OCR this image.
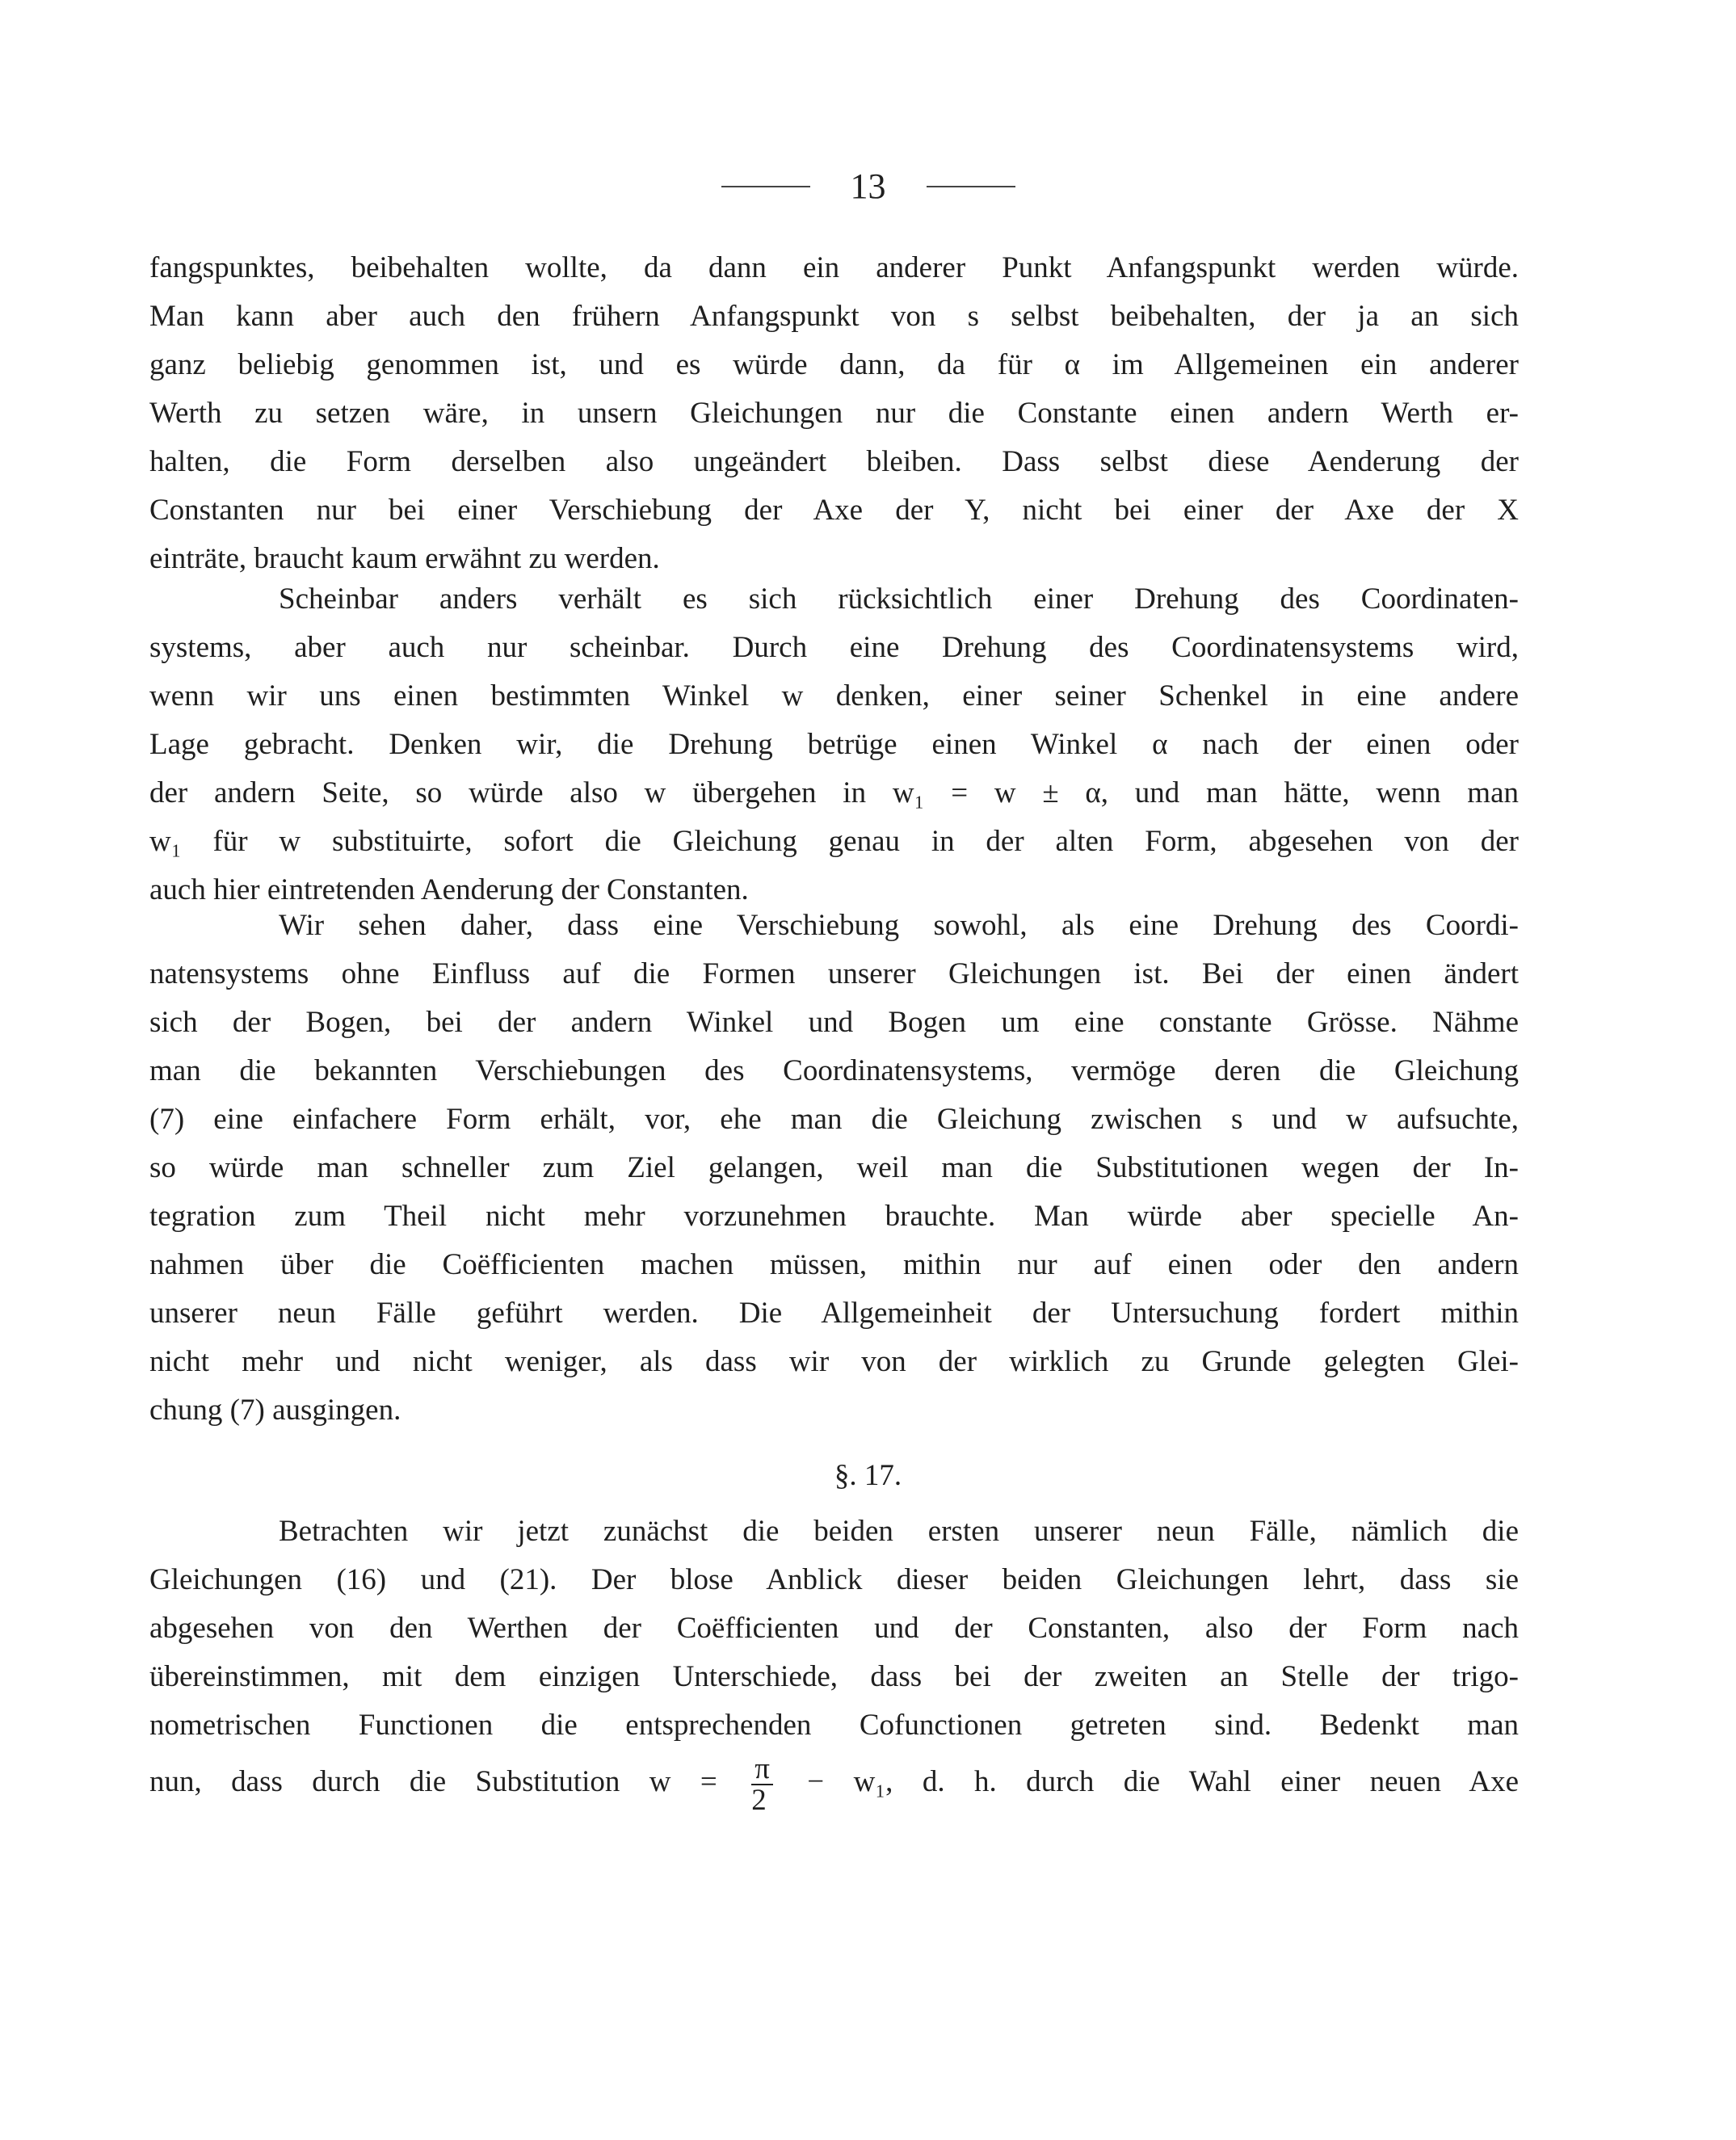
13
fangspunktes, beibehalten wollte, da dann ein anderer Punkt Anfangspunkt werden würde.
Man kann aber auch den frühern Anfangspunkt von s selbst beibehalten, der ja an sich
ganz beliebig genommen ist, und es würde dann, da für α im Allgemeinen ein anderer
Werth zu setzen wäre, in unsern Gleichungen nur die Constante einen andern Werth er-
halten, die Form derselben also ungeändert bleiben. Dass selbst diese Aenderung der
Constanten nur bei einer Verschiebung der Axe der Y, nicht bei einer der Axe der X
einträte, braucht kaum erwähnt zu werden.
Scheinbar anders verhält es sich rücksichtlich einer Drehung des Coordinaten-
systems, aber auch nur scheinbar. Durch eine Drehung des Coordinatensystems wird,
wenn wir uns einen bestimmten Winkel w denken, einer seiner Schenkel in eine andere
Lage gebracht. Denken wir, die Drehung betrüge einen Winkel α nach der einen oder
der andern Seite, so würde also w übergehen in w₁ = w ± α, und man hätte, wenn man
w₁ für w substituirte, sofort die Gleichung genau in der alten Form, abgesehen von der
auch hier eintretenden Aenderung der Constanten.
Wir sehen daher, dass eine Verschiebung sowohl, als eine Drehung des Coordi-
natensystems ohne Einfluss auf die Formen unserer Gleichungen ist. Bei der einen ändert
sich der Bogen, bei der andern Winkel und Bogen um eine constante Grösse. Nähme
man die bekannten Verschiebungen des Coordinatensystems, vermöge deren die Gleichung
(7) eine einfachere Form erhält, vor, ehe man die Gleichung zwischen s und w aufsuchte,
so würde man schneller zum Ziel gelangen, weil man die Substitutionen wegen der In-
tegration zum Theil nicht mehr vorzunehmen brauchte. Man würde aber specielle An-
nahmen über die Coëfficienten machen müssen, mithin nur auf einen oder den andern
unserer neun Fälle geführt werden. Die Allgemeinheit der Untersuchung fordert mithin
nicht mehr und nicht weniger, als dass wir von der wirklich zu Grunde gelegten Glei-
chung (7) ausgingen.
§. 17.
Betrachten wir jetzt zunächst die beiden ersten unserer neun Fälle, nämlich die
Gleichungen (16) und (21). Der blose Anblick dieser beiden Gleichungen lehrt, dass sie
abgesehen von den Werthen der Coëfficienten und der Constanten, also der Form nach
übereinstimmen, mit dem einzigen Unterschiede, dass bei der zweiten an Stelle der trigo-
nometrischen Functionen die entsprechenden Cofunctionen getreten sind. Bedenkt man
nun, dass durch die Substitution $w = \frac{\pi}{2} - w_1$, d. h. durch die Wahl einer neuen Axe
